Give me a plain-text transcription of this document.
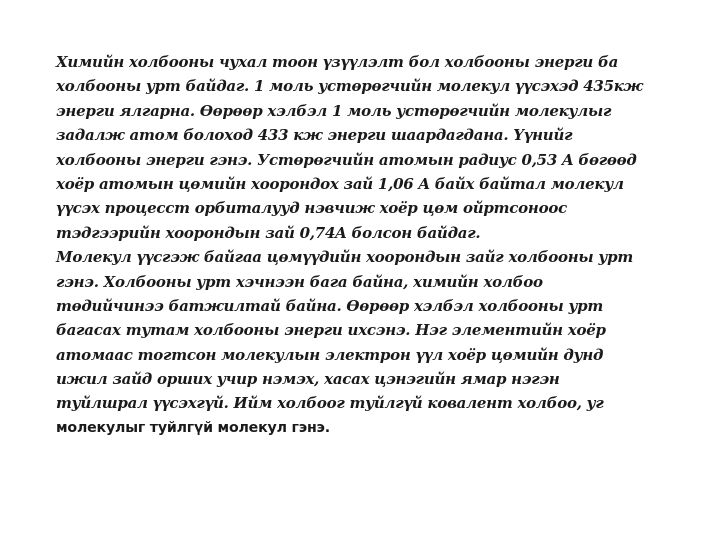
Химийн холбооны чухал тоон үзүүлэлт бол холбооны энерги ба
холбооны урт байдаг. 1 моль устөрөгчийн молекул үүсэхэд 435кж
энерги ялгарна. Өөрөөр хэлбэл 1 моль устөрөгчийн молекулыг
задалж атом болоход 433 кж энерги шаардагдана. Үүнийг
холбооны энерги гэнэ. Устөрөгчийн атомын радиус 0,53 A бөгөөд
хоёр атомын цөмийн хоорондох зай 1,06 A байх байтал молекул
үүсэх процесст орбиталууд нэвчиж хоёр цөм ойртсоноос
тэдгээрийн хоорондын зай 0,74A болсон байдаг.
Молекул үүсгэж байгаа цөмүүдийн хоорондын зайг холбооны урт
гэнэ. Холбооны урт хэчнээн бага байна, химийн холбоо
төдийчинээ батжилтай байна. Өөрөөр хэлбэл холбооны урт
багасах тутам холбооны энерги ихсэнэ. Нэг элементийн хоёр
атомаас тогтсон молекулын электрон үүл хоёр цөмийн дунд
ижил зайд орших учир нэмэх, хасах цэнэгийн ямар нэгэн
туйлшрал үүсэхгүй. Ийм холбоог туйлгүй ковалент холбоо, уг
молекулыг туйлгүй молекул гэнэ.
